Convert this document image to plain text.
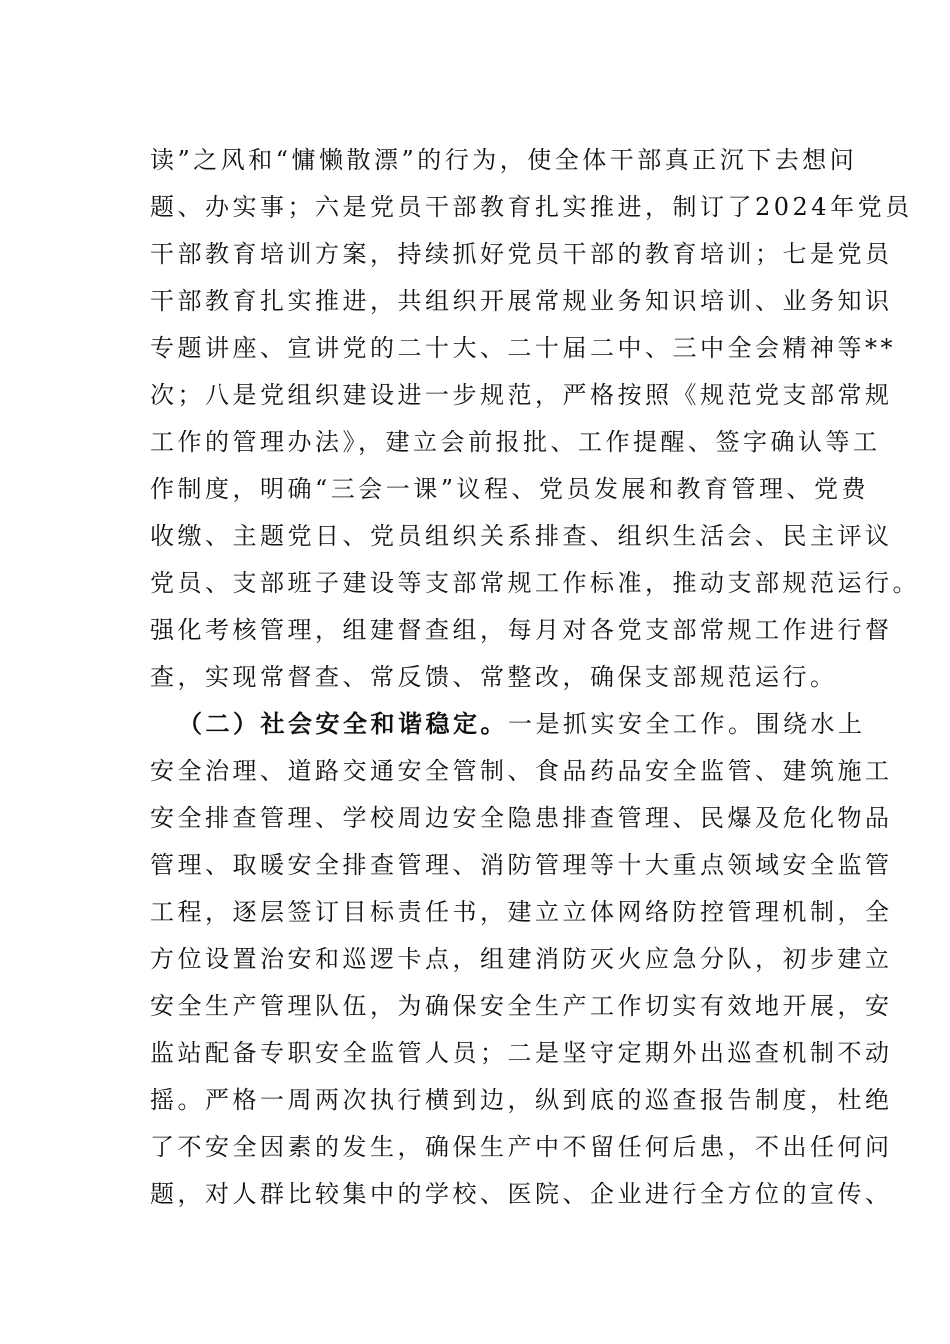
读”之风和“慵懒散漂”的行为，使全体干部真正沉下去想问
题、办实事；六是党员干部教育扎实推进，制订了2024年党员
干部教育培训方案，持续抓好党员干部的教育培训；七是党员
干部教育扎实推进，共组织开展常规业务知识培训、业务知识
专题讲座、宣讲党的二十大、二十届二中、三中全会精神等**
次；八是党组织建设进一步规范，严格按照《规范党支部常规
工作的管理办法》，建立会前报批、工作提醒、签字确认等工
作制度，明确“三会一课”议程、党员发展和教育管理、党费
收缴、主题党日、党员组织关系排查、组织生活会、民主评议
党员、支部班子建设等支部常规工作标准，推动支部规范运行。
强化考核管理，组建督查组，每月对各党支部常规工作进行督
查，实现常督查、常反馈、常整改，确保支部规范运行。
（二）社会安全和谐稳定。一是抓实安全工作。围绕水上
安全治理、道路交通安全管制、食品药品安全监管、建筑施工
安全排查管理、学校周边安全隐患排查管理、民爆及危化物品
管理、取暖安全排查管理、消防管理等十大重点领域安全监管
工程，逐层签订目标责任书，建立立体网络防控管理机制，全
方位设置治安和巡逻卡点，组建消防灭火应急分队，初步建立
安全生产管理队伍，为确保安全生产工作切实有效地开展，安
监站配备专职安全监管人员；二是坚守定期外出巡查机制不动
摇。严格一周两次执行横到边，纵到底的巡查报告制度，杜绝
了不安全因素的发生，确保生产中不留任何后患，不出任何问
题，对人群比较集中的学校、医院、企业进行全方位的宣传、
